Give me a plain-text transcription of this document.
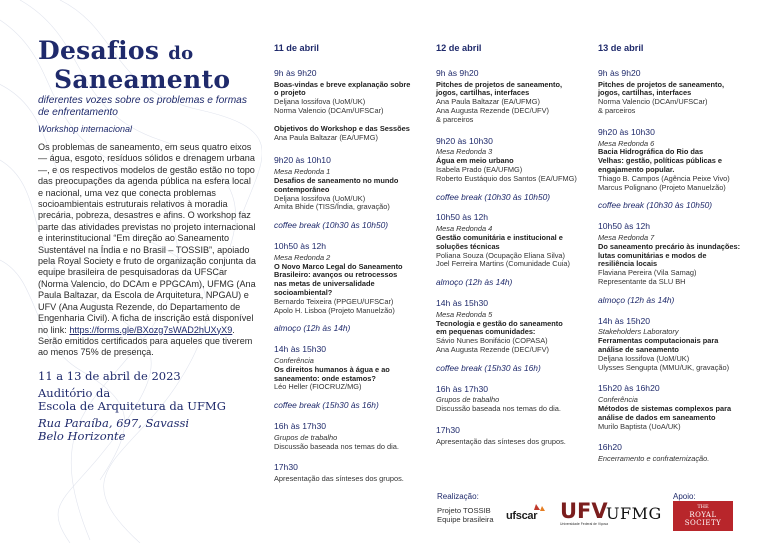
Desafios do
Saneamento
diferentes vozes sobre os problemas e formas de enfrentamento
Workshop internacional
Os problemas de saneamento, em seus quatro eixos — água, esgoto, resíduos sólidos e drenagem urbana —, e os respectivos modelos de gestão estão no topo das preocupações da agenda pública na esfera local e nacional, uma vez que conecta problemas socioambientais estruturais relativos à moradia precária, pobreza, desastres e afins. O workshop faz parte das atividades previstas no projeto internacional e interinstitucional “Em direção ao Saneamento Sustentável na Índia e no Brasil – TOSSIB”, apoiado pela Royal Society e fruto de organização conjunta da equipe brasileira de pesquisadoras da UFSCar (Norma Valencio, do DCAm e PPGCAm), UFMG (Ana Paula Baltazar, da Escola de Arquitetura, NPGAU) e UFV (Ana Augusta Rezende, do Departamento de Engenharia Civil). A ficha de inscrição está disponível no link: https://forms.gle/BXozg7sWAD2hUXyX9. Serão emitidos certificados para aqueles que tiverem ao menos 75% de presença.
11 a 13 de abril de 2023
Auditório da
Escola de Arquitetura da UFMG
Rua Paraíba, 697, Savassi
Belo Horizonte
11 de abril
9h às 9h20
Boas-vindas e breve explanação sobre
o projeto
Deljana Iossifova (UoM/UK)
Norma Valencio (DCAm/UFSCar)
Objetivos do Workshop e das Sessões
Ana Paula Baltazar (EA/UFMG)
9h20 às 10h10
Mesa Redonda 1
Desafios de saneamento no mundo
contemporâneo
Deljana Iossifova (UoM/UK)
Amita Bhide (TISS/Índia, gravação)
coffee break (10h30 às 10h50)
10h50 às 12h
Mesa Redonda 2
O Novo Marco Legal do Saneamento
Brasileiro: avanços ou retrocessos
nas metas de universalidade
socioambiental?
Bernardo Teixeira (PPGEU/UFSCar)
Apolo H. Lisboa (Projeto Manuelzão)
almoço (12h às 14h)
14h às 15h30
Conferência
Os direitos humanos à água e ao
saneamento: onde estamos?
Léo Heller (FIOCRUZ/MG)
coffee break (15h30 às 16h)
16h às 17h30
Grupos de trabalho
Discussão baseada nos temas do dia.
17h30
Apresentação das sínteses dos grupos.
12 de abril
9h às 9h20
Pitches de projetos de saneamento,
jogos, cartilhas, interfaces
Ana Paula Baltazar (EA/UFMG)
Ana Augusta Rezende (DEC/UFV)
& parceiros
9h20 às 10h30
Mesa Redonda 3
Água em meio urbano
Isabela Prado (EA/UFMG)
Roberto Eustáquio dos Santos (EA/UFMG)
coffee break (10h30 às 10h50)
10h50 às 12h
Mesa Redonda 4
Gestão comunitária e institucional e
soluções técnicas
Poliana Souza (Ocupação Eliana Silva)
Joel Ferreira Martins (Comunidade Cuia)
almoço (12h às 14h)
14h às 15h30
Mesa Redonda 5
Tecnologia e gestão do saneamento
em pequenas comunidades:
Sávio Nunes Bonifácio (COPASA)
Ana Augusta Rezende (DEC/UFV)
coffee break (15h30 às 16h)
16h às 17h30
Grupos de trabalho
Discussão baseada nos temas do dia.
17h30
Apresentação das sínteses dos grupos.
13 de abril
9h às 9h20
Pitches de projetos de saneamento,
jogos, cartilhas, interfaces
Norma Valencio (DCAm/UFSCar)
& parceiros
9h20 às 10h30
Mesa Redonda 6
Bacia Hidrográfica do Rio das
Velhas: gestão, políticas públicas e
engajamento popular.
Thiago B. Campos (Agência Peixe Vivo)
Marcus Polignano (Projeto Manuelzão)
coffee break (10h30 às 10h50)
10h50 às 12h
Mesa Redonda 7
Do saneamento precário às inundações:
lutas comunitárias e modos de
resiliência locais
Flaviana Pereira (Vila Samag)
Representante da SLU BH
almoço (12h às 14h)
14h às 15h20
Stakeholders Laboratory
Ferramentas computacionais para
análise de saneamento
Deljana Iossifova (UoM/UK)
Ulysses Sengupta (MMU/UK, gravação)
15h20 às 16h20
Conferência
Métodos de sistemas complexos para
análise de dados em saneamento
Murilo Baptista (UoA/UK)
16h20
Encerramento e confraternização.
Realização:
Projeto TOSSIB
Equipe brasileira ufscar UFV
Universidade Federal de Viçosa
UFMG
Apoio:
THE
ROYAL
SOCIETY
